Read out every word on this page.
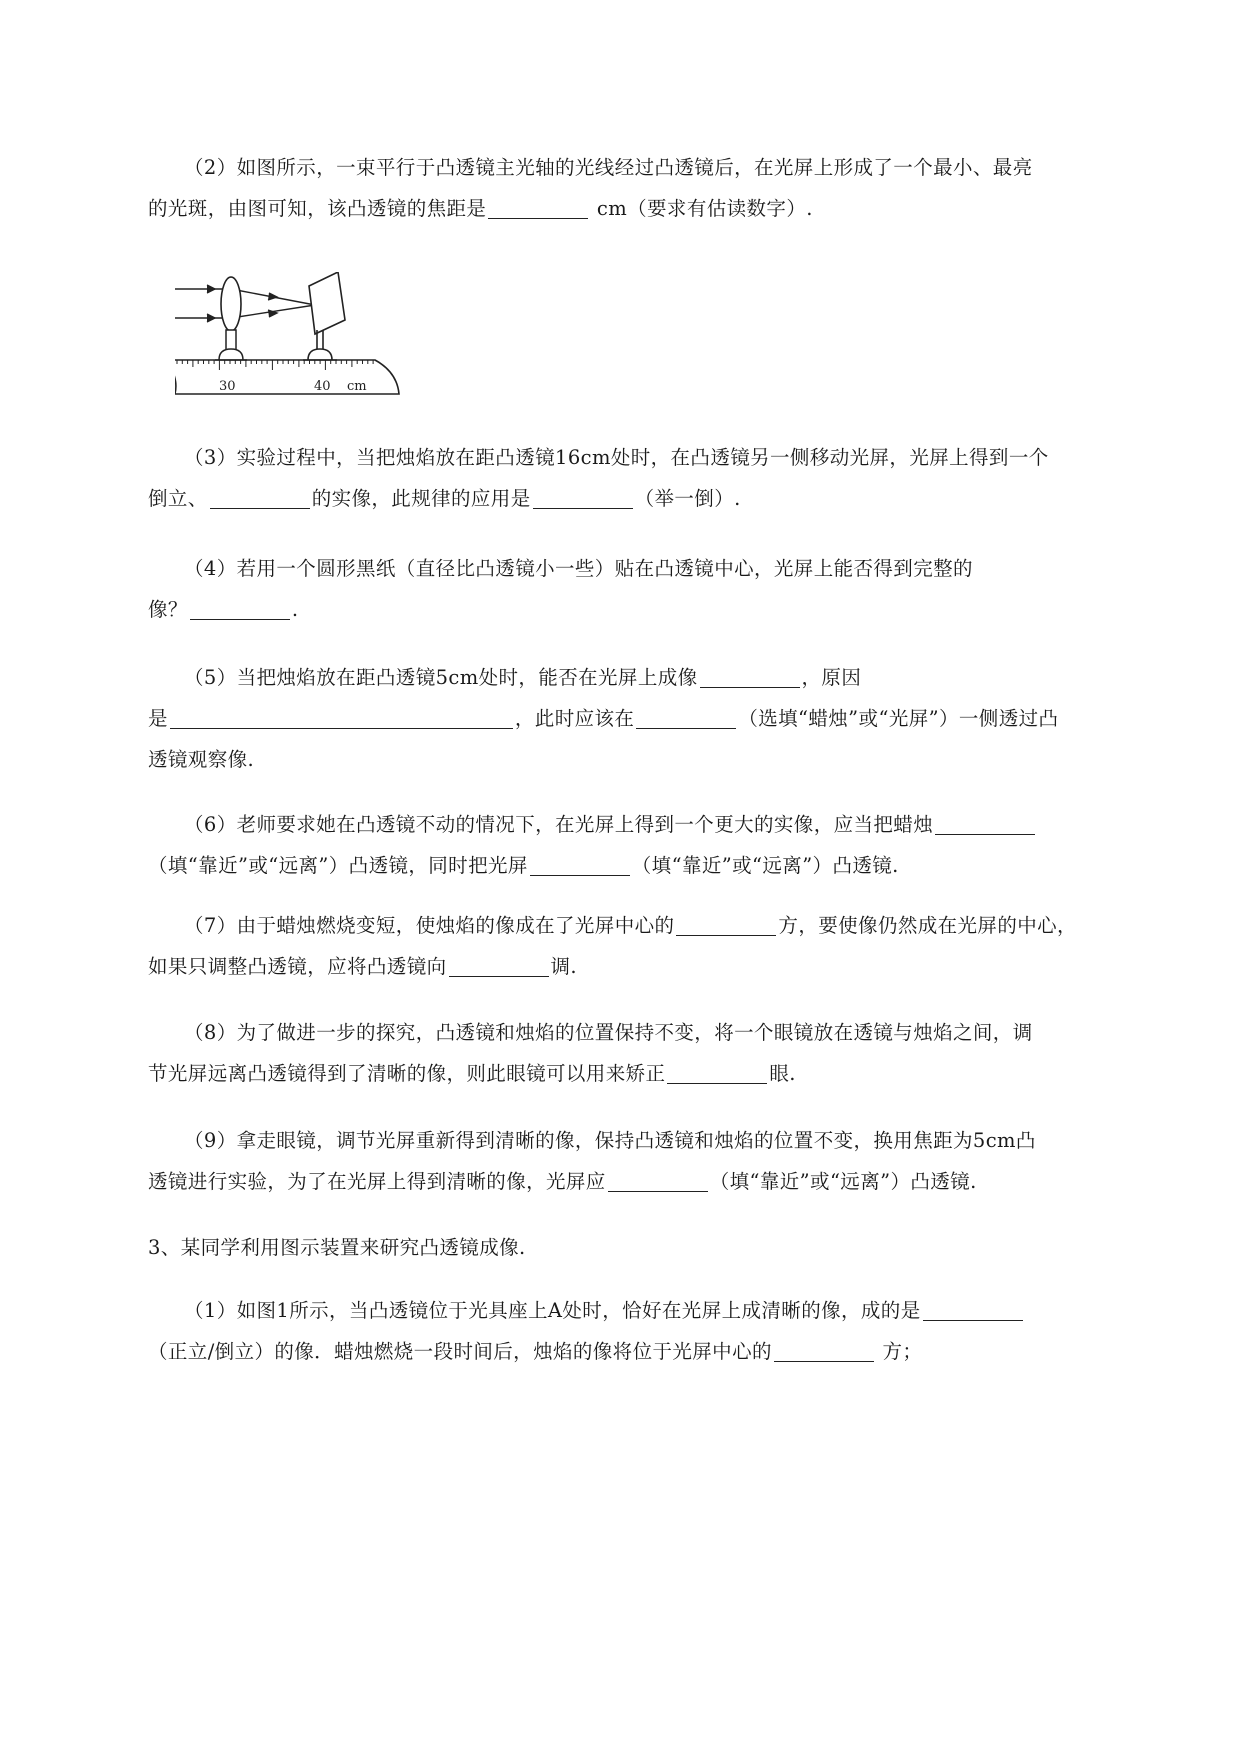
（2）如图所示，一束平行于凸透镜主光轴的光线经过凸透镜后，在光屏上形成了一个最小、最亮
的光斑，由图可知，该凸透镜的焦距是	cm（要求有估读数字）.
30	40 cm
（3）实验过程中，当把烛焰放在距凸透镜16cm处时，在凸透镜另一侧移动光屏，光屏上得到一个
倒立、	的实像，此规律的应用是	（举一倒）.
（4）若用一个圆形黑纸（直径比凸透镜小一些）贴在凸透镜中心，光屏上能否得到完整的
像？	.
（5）当把烛焰放在距凸透镜5cm处时，能否在光屏上成像	，原因
是	，此时应该在	（选填“蜡烛”或“光屏”）一侧透过凸
透镜观察像.
（6）老师要求她在凸透镜不动的情况下，在光屏上得到一个更大的实像，应当把蜡烛
（填“靠近”或“远离”）凸透镜，同时把光屏	（填“靠近”或“远离”）凸透镜.
（7）由于蜡烛燃烧变短，使烛焰的像成在了光屏中心的	方，要使像仍然成在光屏的中心，
如果只调整凸透镜，应将凸透镜向	调.
（8）为了做进一步的探究，凸透镜和烛焰的位置保持不变，将一个眼镜放在透镜与烛焰之间，调
节光屏远离凸透镜得到了清晰的像，则此眼镜可以用来矫正	眼.
（9）拿走眼镜，调节光屏重新得到清晰的像，保持凸透镜和烛焰的位置不变，换用焦距为5cm凸
透镜进行实验，为了在光屏上得到清晰的像，光屏应	（填“靠近”或“远离”）凸透镜.
3、某同学利用图示装置来研究凸透镜成像.
（1）如图1所示，当凸透镜位于光具座上A处时，恰好在光屏上成清晰的像，成的是
（正立/倒立）的像．蜡烛燃烧一段时间后，烛焰的像将位于光屏中心的	方；
